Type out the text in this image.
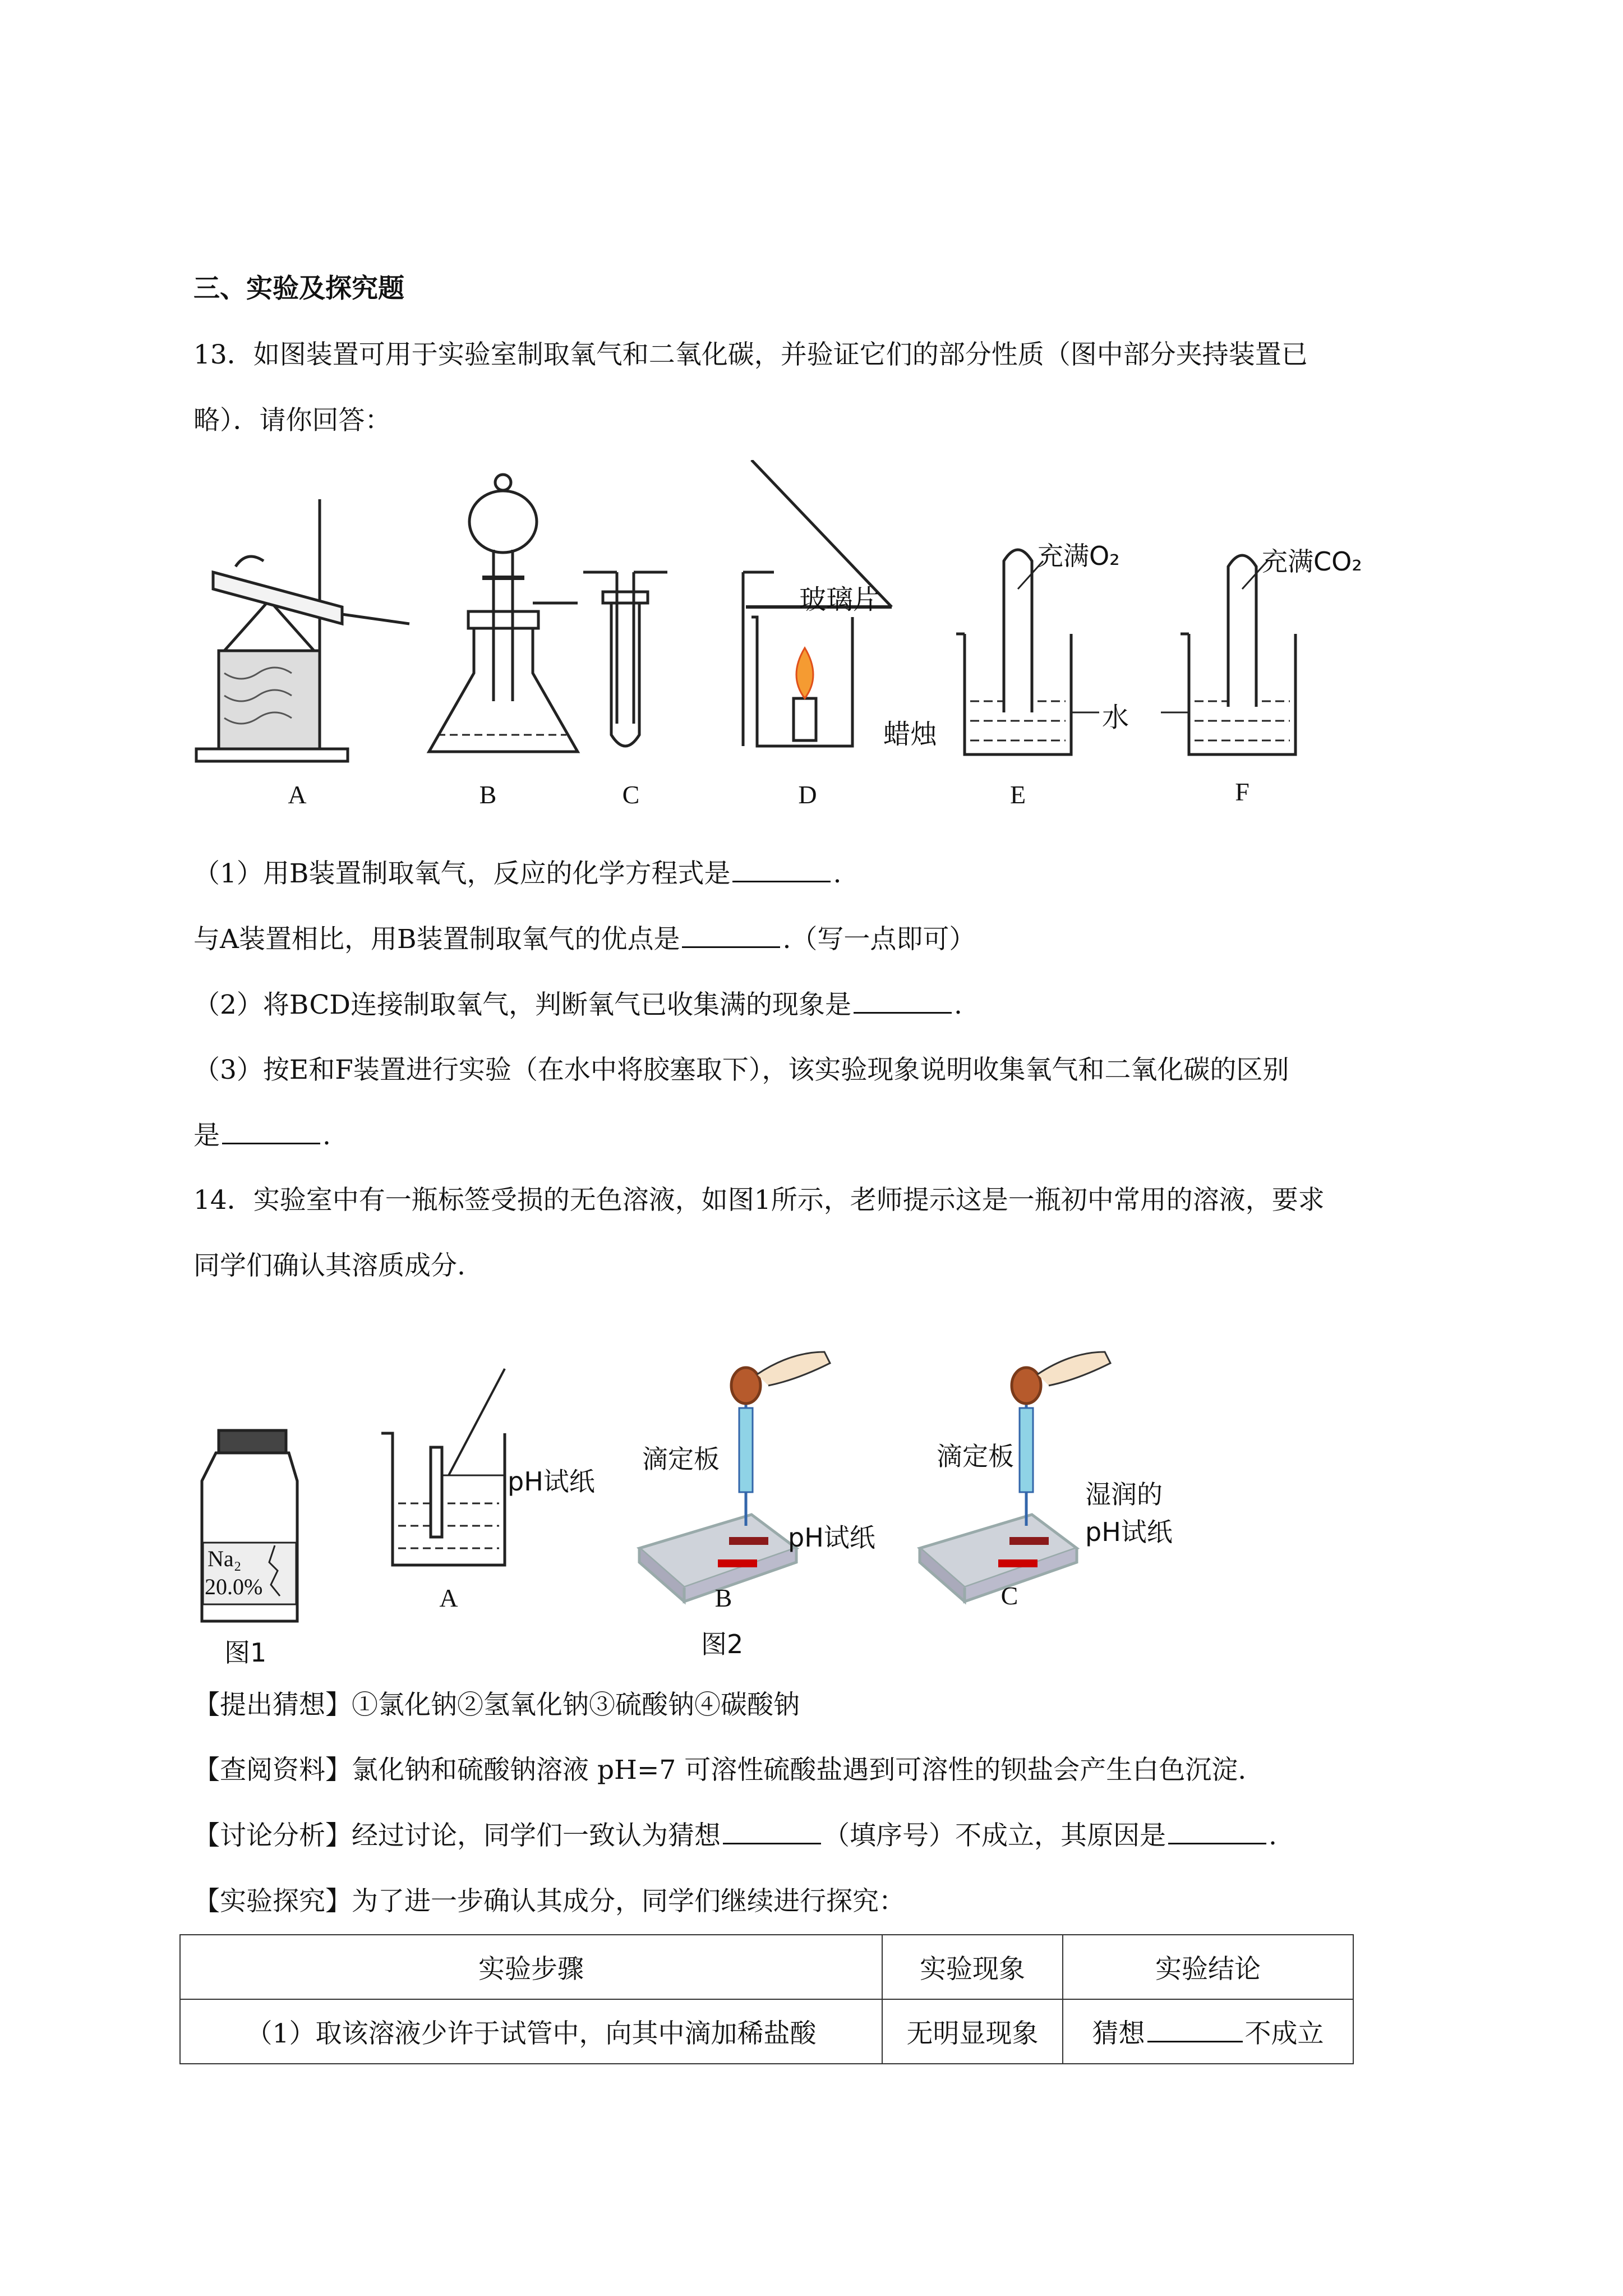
三、实验及探究题
13．如图装置可用于实验室制取氧气和二氧化碳，并验证它们的部分性质（图中部分夹持装置已
略）．请你回答：
玻璃片
蜡烛
水
充满O₂	充满CO₂
A	B	C	D	E	F
（1）用B装置制取氧气，反应的化学方程式是	.
与A装置相比，用B装置制取氧气的优点是	.（写一点即可）
（2）将BCD连接制取氧气，判断氧气已收集满的现象是	.
（3）按E和F装置进行实验（在水中将胶塞取下），该实验现象说明收集氧气和二氧化碳的区别
是	.
14．实验室中有一瓶标签受损的无色溶液，如图1所示，老师提示这是一瓶初中常用的溶液，要求
同学们确认其溶质成分.
Na₂
20.0%
pH试纸
滴定板
pH试纸
滴定板
湿润的
pH试纸
图1	图2
A	B	C
【提出猜想】①氯化钠②氢氧化钠③硫酸钠④碳酸钠
【查阅资料】氯化钠和硫酸钠溶液 pH=7 可溶性硫酸盐遇到可溶性的钡盐会产生白色沉淀.
【讨论分析】经过讨论，同学们一致认为猜想	（填序号）不成立，其原因是	.
【实验探究】为了进一步确认其成分，同学们继续进行探究：
实验步骤	实验现象	实验结论
（1）取该溶液少许于试管中，向其中滴加稀盐酸	无明显现象	猜想 不成立
